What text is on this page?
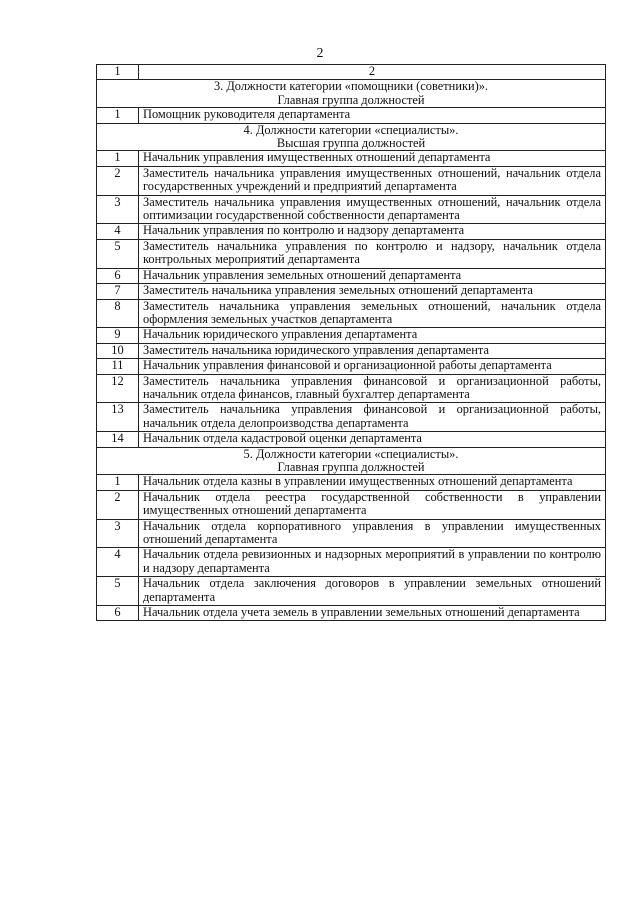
2
1	2

3. Должности категории «помощники (советники)».
Главная группа должностей	

1	Помощник руководителя департамента

4. Должности категории «специалисты».
Высшая группа должностей	

1	Начальник управления имущественных отношений департамента
2	Заместитель начальника управления имущественных отношений, начальник отдела государственных учреждений и предприятий департамента
3	Заместитель начальника управления имущественных отношений, начальник отдела оптимизации государственной собственности департамента
4	Начальник управления по контролю и надзору департамента
5	Заместитель начальника управления по контролю и надзору, начальник отдела контрольных мероприятий департамента
6	Начальник управления земельных отношений департамента
7	Заместитель начальника управления земельных отношений департамента
8	Заместитель начальника управления земельных отношений, начальник отдела оформления земельных участков департамента
9	Начальник юридического управления департамента
10	Заместитель начальника юридического управления департамента
11	Начальник управления финансовой и организационной работы департамента
12	Заместитель начальника управления финансовой и организационной работы, начальник отдела финансов, главный бухгалтер департамента
13	Заместитель начальника управления финансовой и организационной работы, начальник отдела делопроизводства департамента
14	Начальник отдела кадастровой оценки департамента

5. Должности категории «специалисты».
Главная группа должностей	

1	Начальник отдела казны в управлении имущественных отношений департамента
2	Начальник отдела реестра государственной собственности в управлении имущественных отношений департамента
3	Начальник отдела корпоративного управления в управлении имущественных отношений департамента
4	Начальник отдела ревизионных и надзорных мероприятий в управлении по контролю и надзору департамента
5	Начальник отдела заключения договоров в управлении земельных отношений департамента
6	Начальник отдела учета земель в управлении земельных отношений департамента
